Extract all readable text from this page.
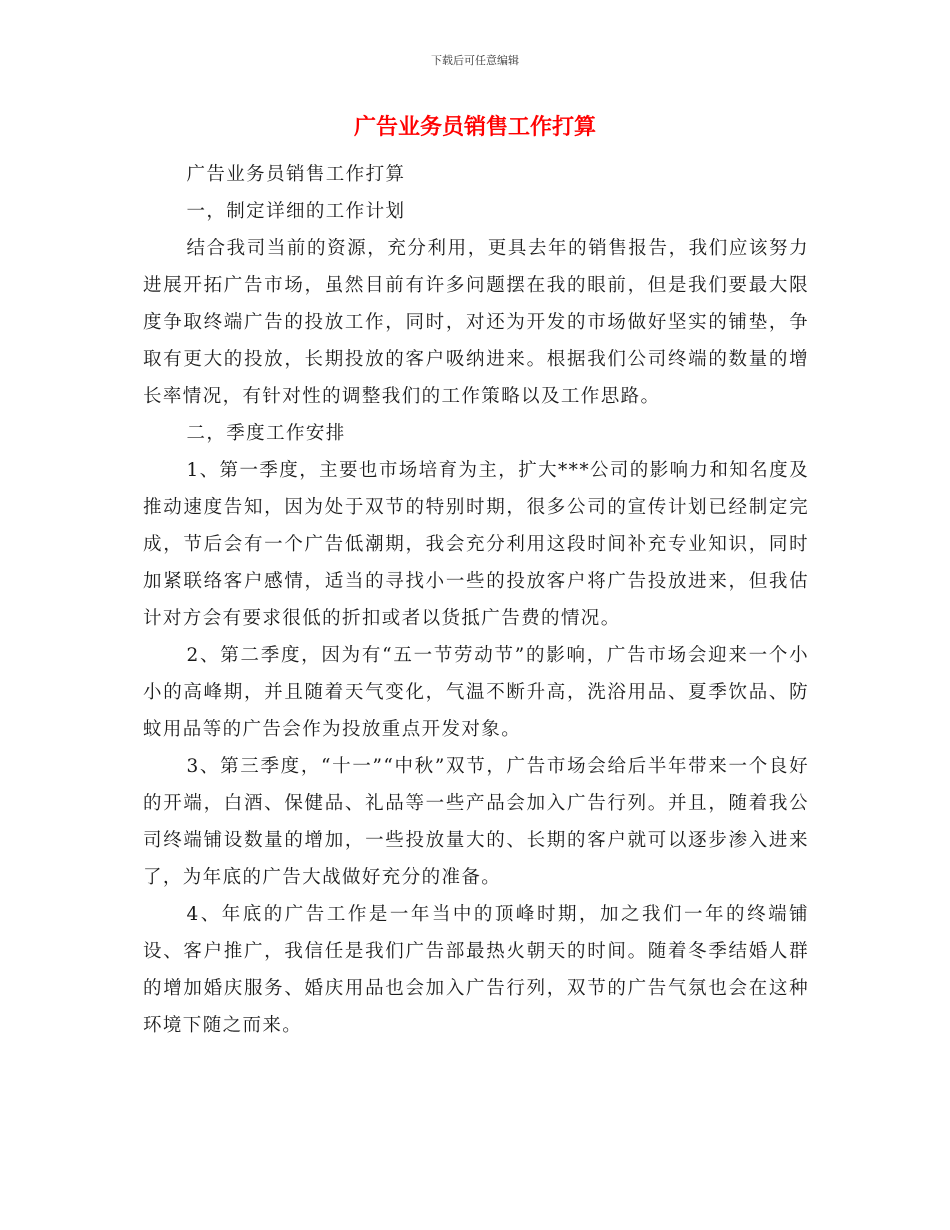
下载后可任意编辑
广告业务员销售工作打算

广告业务员销售工作打算

一，制定详细的工作计划

结合我司当前的资源，充分利用，更具去年的销售报告，我们应该努力进展开拓广告市场，虽然目前有许多问题摆在我的眼前，但是我们要最大限度争取终端广告的投放工作，同时，对还为开发的市场做好坚实的铺垫，争取有更大的投放，长期投放的客户吸纳进来。根据我们公司终端的数量的增长率情况，有针对性的调整我们的工作策略以及工作思路。

二，季度工作安排

1、第一季度，主要也市场培育为主，扩大***公司的影响力和知名度及推动速度告知，因为处于双节的特别时期，很多公司的宣传计划已经制定完成，节后会有一个广告低潮期，我会充分利用这段时间补充专业知识，同时加紧联络客户感情，适当的寻找小一些的投放客户将广告投放进来，但我估计对方会有要求很低的折扣或者以货抵广告费的情况。

2、第二季度，因为有“五一节劳动节”的影响，广告市场会迎来一个小小的高峰期，并且随着天气变化，气温不断升高，洗浴用品、夏季饮品、防蚊用品等的广告会作为投放重点开发对象。

3、第三季度，“十一”“中秋”双节，广告市场会给后半年带来一个良好的开端，白酒、保健品、礼品等一些产品会加入广告行列。并且，随着我公司终端铺设数量的增加，一些投放量大的、长期的客户就可以逐步渗入进来了，为年底的广告大战做好充分的准备。

4、年底的广告工作是一年当中的顶峰时期，加之我们一年的终端铺设、客户推广，我信任是我们广告部最热火朝天的时间。随着冬季结婚人群的增加婚庆服务、婚庆用品也会加入广告行列，双节的广告气氛也会在这种环境下随之而来。
